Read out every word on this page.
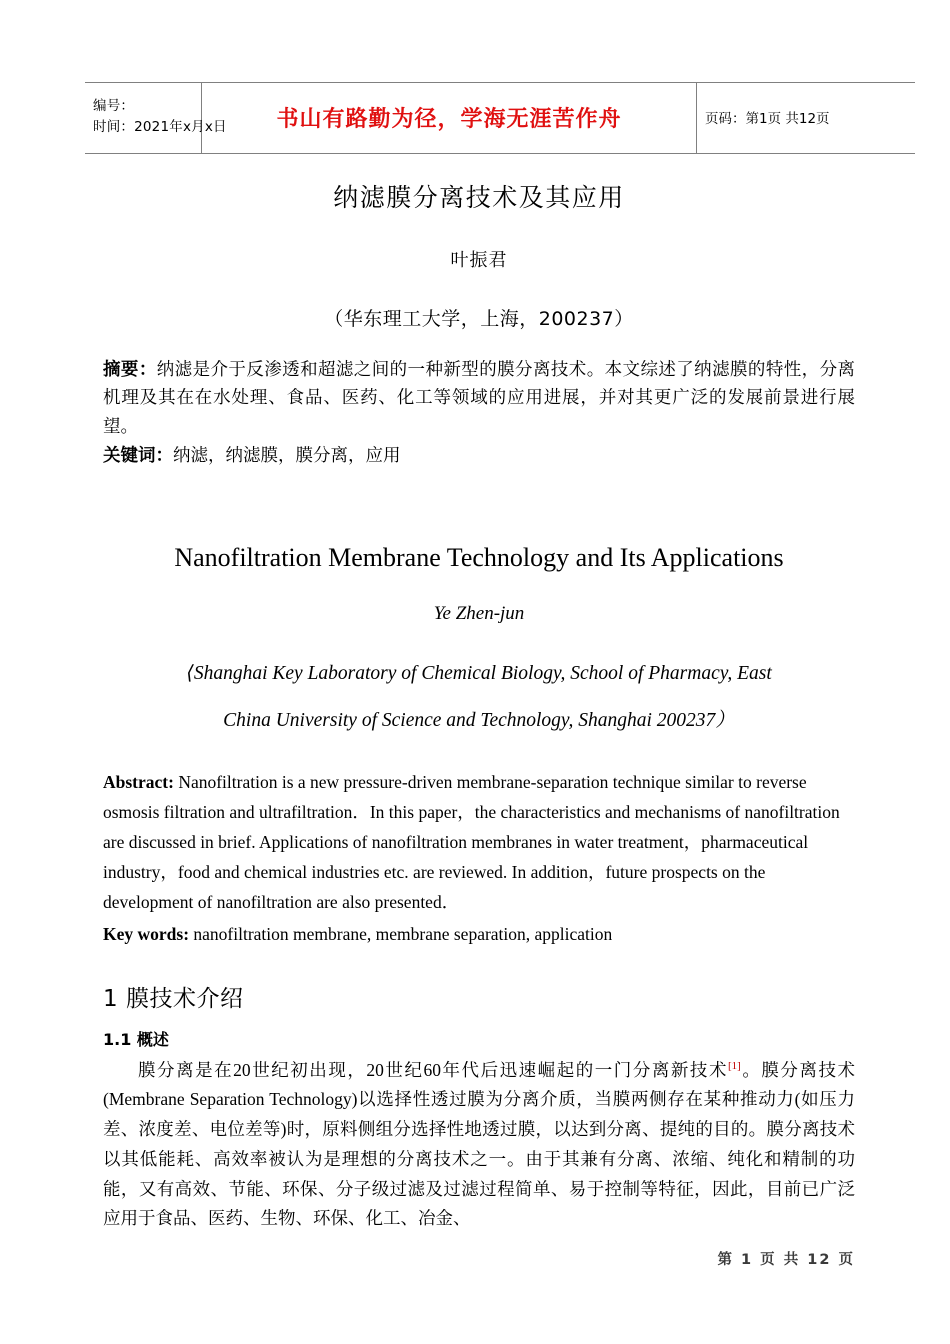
编号：
时间：2021年x月x日	书山有路勤为径，学海无涯苦作舟	页码：第1页 共12页
纳滤膜分离技术及其应用

叶振君

（华东理工大学，上海，200237）

摘要：纳滤是介于反渗透和超滤之间的一种新型的膜分离技术。本文综述了纳滤膜的特性，分离机理及其在在水处理、食品、医药、化工等领域的应用进展，并对其更广泛的发展前景进行展望。

关键词：纳滤，纳滤膜，膜分离，应用

Nanofiltration Membrane Technology and Its Applications

Ye Zhen-jun

⟨Shanghai Key Laboratory of Chemical Biology, School of Pharmacy, East
China University of Science and Technology, Shanghai 200237）

Abstract: Nanofiltration is a new pressure-driven membrane-separation technique similar to reverse osmosis filtration and ultrafiltration．In this paper，the characteristics and mechanisms of nanofiltration are discussed in brief. Applications of nanofiltration membranes in water treatment，pharmaceutical industry，food and chemical industries etc. are reviewed. In addition，future prospects on the development of nanofiltration are also presented．

Key words: nanofiltration membrane, membrane separation, application

1 膜技术介绍
1.1 概述

膜分离是在20世纪初出现，20世纪60年代后迅速崛起的一门分离新技术[1]。膜分离技术(Membrane Separation Technology)以选择性透过膜为分离介质，当膜两侧存在某种推动力(如压力差、浓度差、电位差等)时，原料侧组分选择性地透过膜，以达到分离、提纯的目的。膜分离技术以其低能耗、高效率被认为是理想的分离技术之一。由于其兼有分离、浓缩、纯化和精制的功能，又有高效、节能、环保、分子级过滤及过滤过程简单、易于控制等特征，因此，目前已广泛应用于食品、医药、生物、环保、化工、冶金、

第 1 页 共 12 页
